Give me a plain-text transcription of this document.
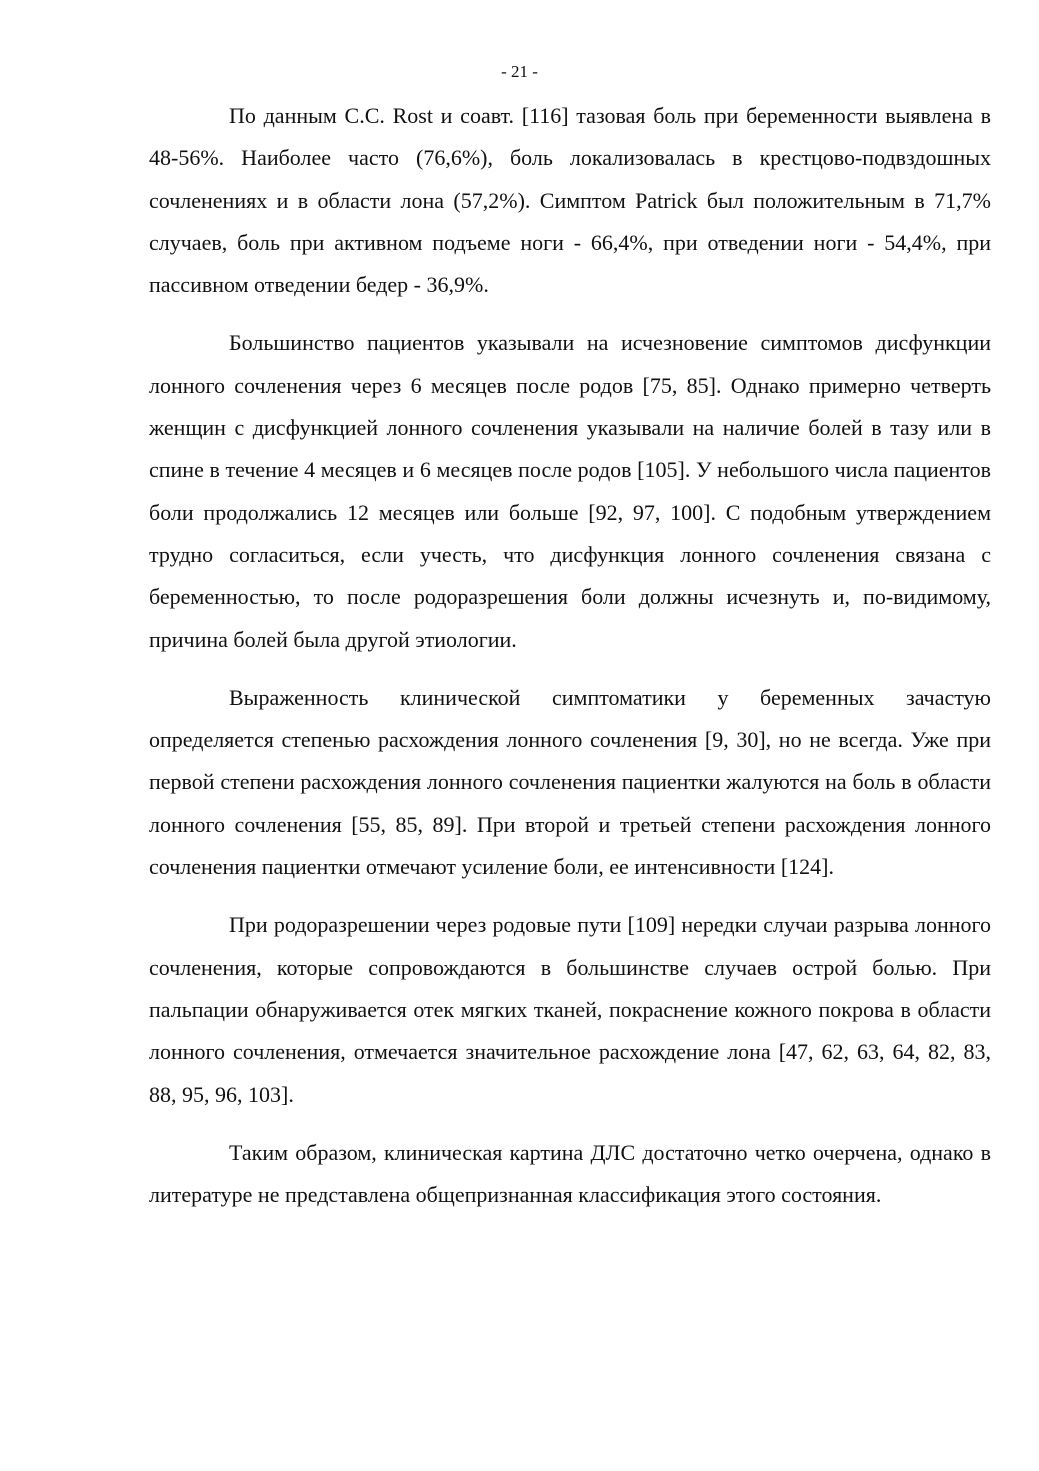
- 21 -

По данным C.C. Rost и соавт. [116] тазовая боль при беременности выявлена в 48-56%. Наиболее часто (76,6%), боль локализовалась в крестцово-подвздошных сочленениях и в области лона (57,2%). Симптом Patrick был положительным в 71,7% случаев, боль при активном подъеме ноги - 66,4%, при отведении ноги - 54,4%, при пассивном отведении бедер - 36,9%.

Большинство пациентов указывали на исчезновение симптомов дисфункции лонного сочленения через 6 месяцев после родов [75, 85]. Однако примерно четверть женщин с дисфункцией лонного сочленения указывали на наличие болей в тазу или в спине в течение 4 месяцев и 6 месяцев после родов [105]. У небольшого числа пациентов боли продолжались 12 месяцев или больше [92, 97, 100]. С подобным утверждением трудно согласиться, если учесть, что дисфункция лонного сочленения связана с беременностью, то после родоразрешения боли должны исчезнуть и, по-видимому, причина болей была другой этиологии.

Выраженность клинической симптоматики у беременных зачастую определяется степенью расхождения лонного сочленения [9, 30], но не всегда. Уже при первой степени расхождения лонного сочленения пациентки жалуются на боль в области лонного сочленения [55, 85, 89]. При второй и третьей степени расхождения лонного сочленения пациентки отмечают усиление боли, ее интенсивности [124].

При родоразрешении через родовые пути [109] нередки случаи разрыва лонного сочленения, которые сопровождаются в большинстве случаев острой болью. При пальпации обнаруживается отек мягких тканей, покраснение кожного покрова в области лонного сочленения, отмечается значительное расхождение лона [47, 62, 63, 64, 82, 83, 88, 95, 96, 103].

Таким образом, клиническая картина ДЛС достаточно четко очерчена, однако в литературе не представлена общепризнанная классификация этого состояния.
